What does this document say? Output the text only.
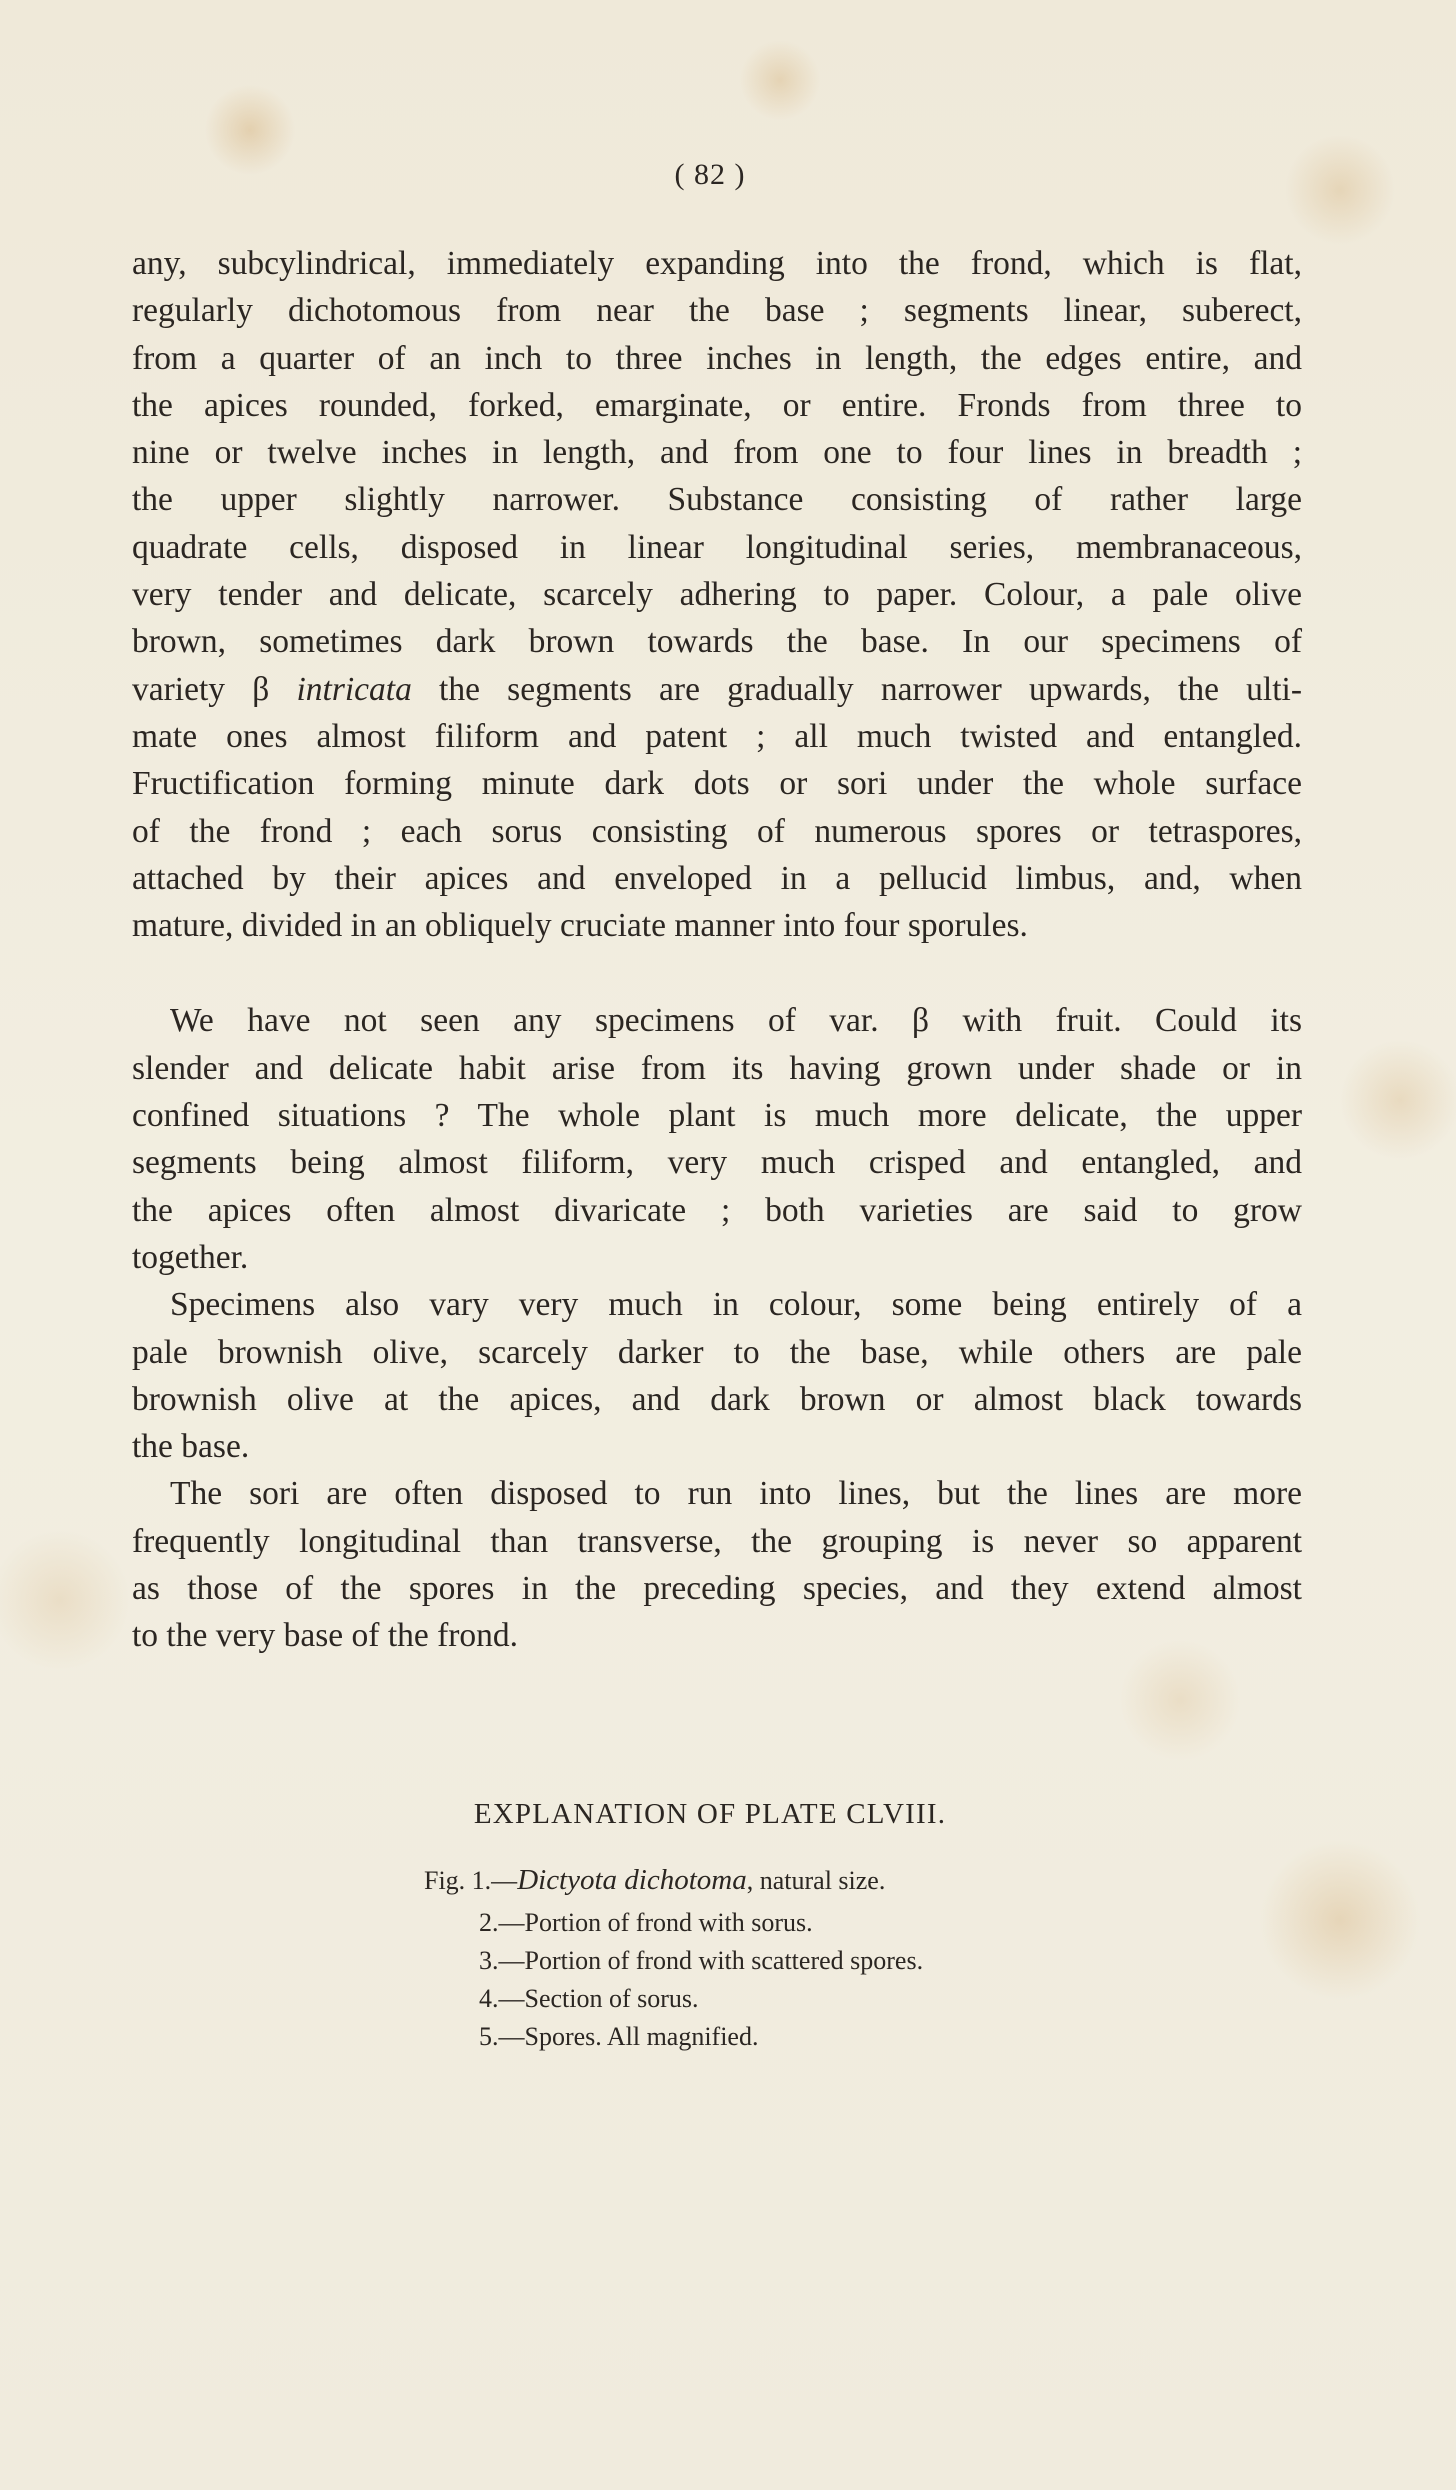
( 82 )
any, subcylindrical, immediately expanding into the frond, which is flat,
regularly dichotomous from near the base ; segments linear, suberect,
from a quarter of an inch to three inches in length, the edges entire, and
the apices rounded, forked, emarginate, or entire. Fronds from three to
nine or twelve inches in length, and from one to four lines in breadth ;
the upper slightly narrower. Substance consisting of rather large
quadrate cells, disposed in linear longitudinal series, membranaceous,
very tender and delicate, scarcely adhering to paper. Colour, a pale olive
brown, sometimes dark brown towards the base. In our specimens of
variety β intricata the segments are gradually narrower upwards, the ulti-
mate ones almost filiform and patent ; all much twisted and entangled.
Fructification forming minute dark dots or sori under the whole surface
of the frond ; each sorus consisting of numerous spores or tetraspores,
attached by their apices and enveloped in a pellucid limbus, and, when
mature, divided in an obliquely cruciate manner into four sporules.
We have not seen any specimens of var. β with fruit. Could its
slender and delicate habit arise from its having grown under shade or in
confined situations ? The whole plant is much more delicate, the upper
segments being almost filiform, very much crisped and entangled, and
the apices often almost divaricate ; both varieties are said to grow
together.
Specimens also vary very much in colour, some being entirely of a
pale brownish olive, scarcely darker to the base, while others are pale
brownish olive at the apices, and dark brown or almost black towards
the base.
The sori are often disposed to run into lines, but the lines are more
frequently longitudinal than transverse, the grouping is never so apparent
as those of the spores in the preceding species, and they extend almost
to the very base of the frond.
EXPLANATION OF PLATE CLVIII.
Fig. 1.—Dictyota dichotoma, natural size.
2.—Portion of frond with sorus.
3.—Portion of frond with scattered spores.
4.—Section of sorus.
5.—Spores. All magnified.
